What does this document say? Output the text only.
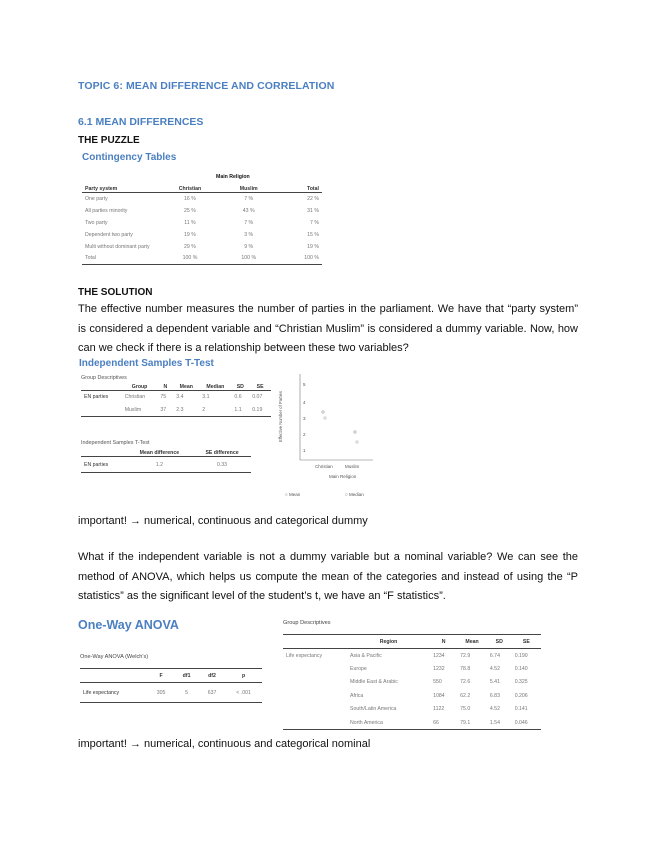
TOPIC 6: MEAN DIFFERENCE AND CORRELATION
6.1 MEAN DIFFERENCES
THE PUZZLE
Contingency Tables
Main Religion
Party system	Christian	Muslim	Total
One party	16 %	7 %	22 %
All parties minority	25 %	43 %	31 %
Two party	11 %	7 %	7 %
Dependent two party	19 %	3 %	15 %
Multi without dominant party	29 %	9 %	19 %
Total	100 %	100 %	100 %
THE SOLUTION
The effective number measures the number of parties in the parliament. We have that “party system” is considered a dependent variable and “Christian Muslim” is considered a dummy variable. Now, how can we check if there is a relationship between these two variables?
Independent Samples T-Test
Group Descriptives
	Group	N	Mean	Median	SD	SE
EN parties	Christian	75	3.4	3.1	0.6	0.07
	Muslim	37	2.3	2	1.1	0.19
Independent Samples T-Test
	Mean difference	SE difference
EN parties	1.2	0.33
Effective Number of Parties
5
4
3
2
1
Christian	Muslim
Main Religion
○ Mean	○ Median
important! → numerical, continuous and categorical dummy
What if the independent variable is not a dummy variable but a nominal variable? We can see the method of ANOVA, which helps us compute the mean of the categories and instead of using the “P statistics” as the significant level of the student’s t, we have an “F statistics”.
One-Way ANOVA
One-Way ANOVA (Welch's)
	F	df1	df2	p
Life expectancy	305	5	637	< .001
Group Descriptives
	Region	N	Mean	SD	SE
Life expectancy	Asia & Pacific	1234	72.9	6.74	0.190
	Europe	1232	78.8	4.52	0.140
	Middle East & Arabic	550	72.6	5.41	0.325
	Africa	1084	62.2	6.83	0.206
	South/Latin America	1122	75.0	4.52	0.141
	North America	66	79.1	1.54	0.046
important! → numerical, continuous and categorical nominal
